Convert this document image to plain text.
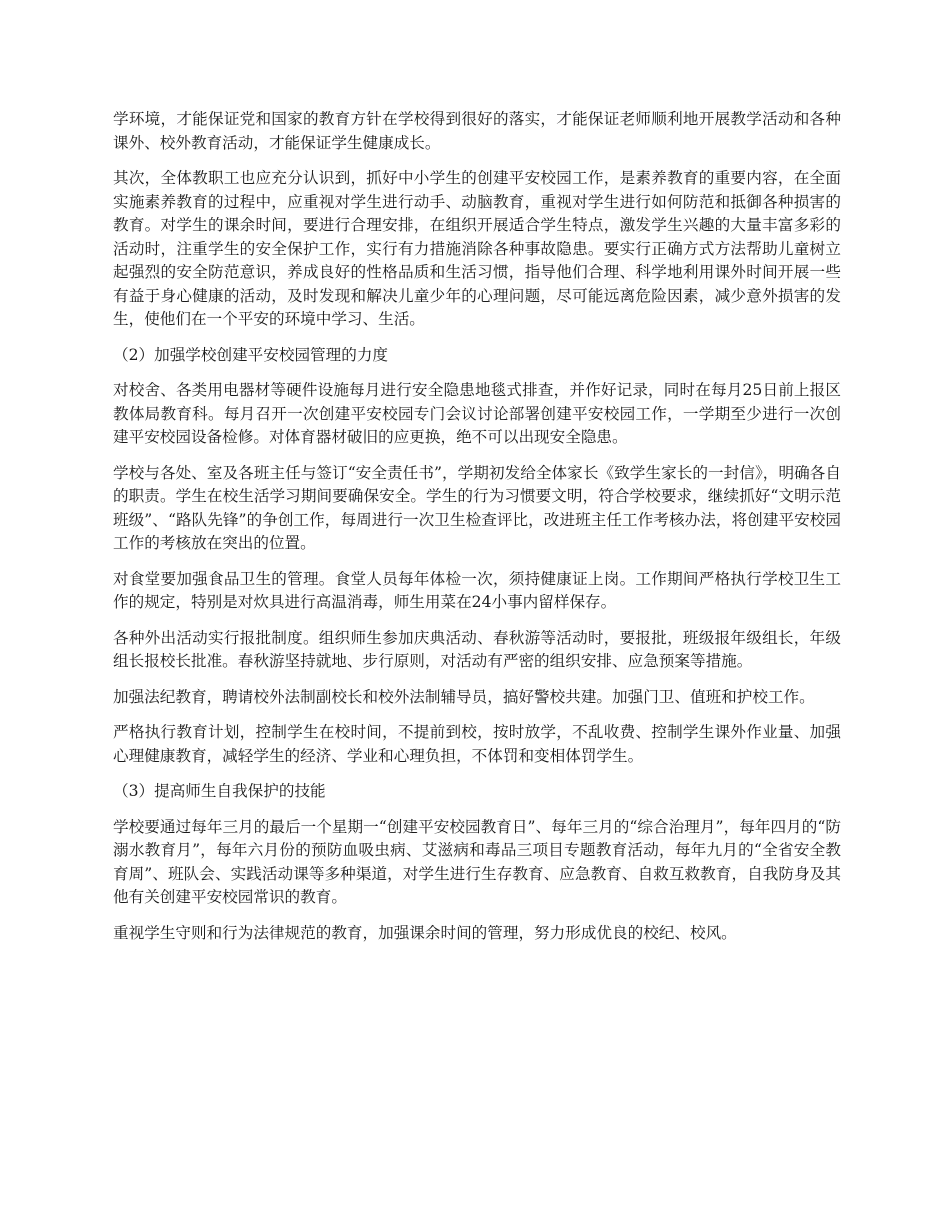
学环境，才能保证党和国家的教育方针在学校得到很好的落实，才能保证老师顺利地开展教学活动和各种课外、校外教育活动，才能保证学生健康成长。

其次，全体教职工也应充分认识到，抓好中小学生的创建平安校园工作，是素养教育的重要内容，在全面实施素养教育的过程中，应重视对学生进行动手、动脑教育，重视对学生进行如何防范和抵御各种损害的教育。对学生的课余时间，要进行合理安排，在组织开展适合学生特点，激发学生兴趣的大量丰富多彩的活动时，注重学生的安全保护工作，实行有力措施消除各种事故隐患。要实行正确方式方法帮助儿童树立起强烈的安全防范意识，养成良好的性格品质和生活习惯，指导他们合理、科学地利用课外时间开展一些有益于身心健康的活动，及时发现和解决儿童少年的心理问题，尽可能远离危险因素，减少意外损害的发生，使他们在一个平安的环境中学习、生活。

（2）加强学校创建平安校园管理的力度

对校舍、各类用电器材等硬件设施每月进行安全隐患地毯式排查，并作好记录，同时在每月25日前上报区教体局教育科。每月召开一次创建平安校园专门会议讨论部署创建平安校园工作，一学期至少进行一次创建平安校园设备检修。对体育器材破旧的应更换，绝不可以出现安全隐患。

学校与各处、室及各班主任与签订“安全责任书”，学期初发给全体家长《致学生家长的一封信》，明确各自的职责。学生在校生活学习期间要确保安全。学生的行为习惯要文明，符合学校要求，继续抓好“文明示范班级”、“路队先锋”的争创工作，每周进行一次卫生检查评比，改进班主任工作考核办法，将创建平安校园工作的考核放在突出的位置。

对食堂要加强食品卫生的管理。食堂人员每年体检一次，须持健康证上岗。工作期间严格执行学校卫生工作的规定，特别是对炊具进行高温消毒，师生用菜在24小事内留样保存。

各种外出活动实行报批制度。组织师生参加庆典活动、春秋游等活动时，要报批，班级报年级组长，年级组长报校长批准。春秋游坚持就地、步行原则，对活动有严密的组织安排、应急预案等措施。

加强法纪教育，聘请校外法制副校长和校外法制辅导员，搞好警校共建。加强门卫、值班和护校工作。

严格执行教育计划，控制学生在校时间，不提前到校，按时放学，不乱收费、控制学生课外作业量、加强心理健康教育，减轻学生的经济、学业和心理负担，不体罚和变相体罚学生。

（3）提高师生自我保护的技能

学校要通过每年三月的最后一个星期一“创建平安校园教育日”、每年三月的“综合治理月”，每年四月的“防溺水教育月”，每年六月份的预防血吸虫病、艾滋病和毒品三项目专题教育活动，每年九月的“全省安全教育周”、班队会、实践活动课等多种渠道，对学生进行生存教育、应急教育、自救互救教育，自我防身及其他有关创建平安校园常识的教育。

重视学生守则和行为法律规范的教育，加强课余时间的管理，努力形成优良的校纪、校风。
